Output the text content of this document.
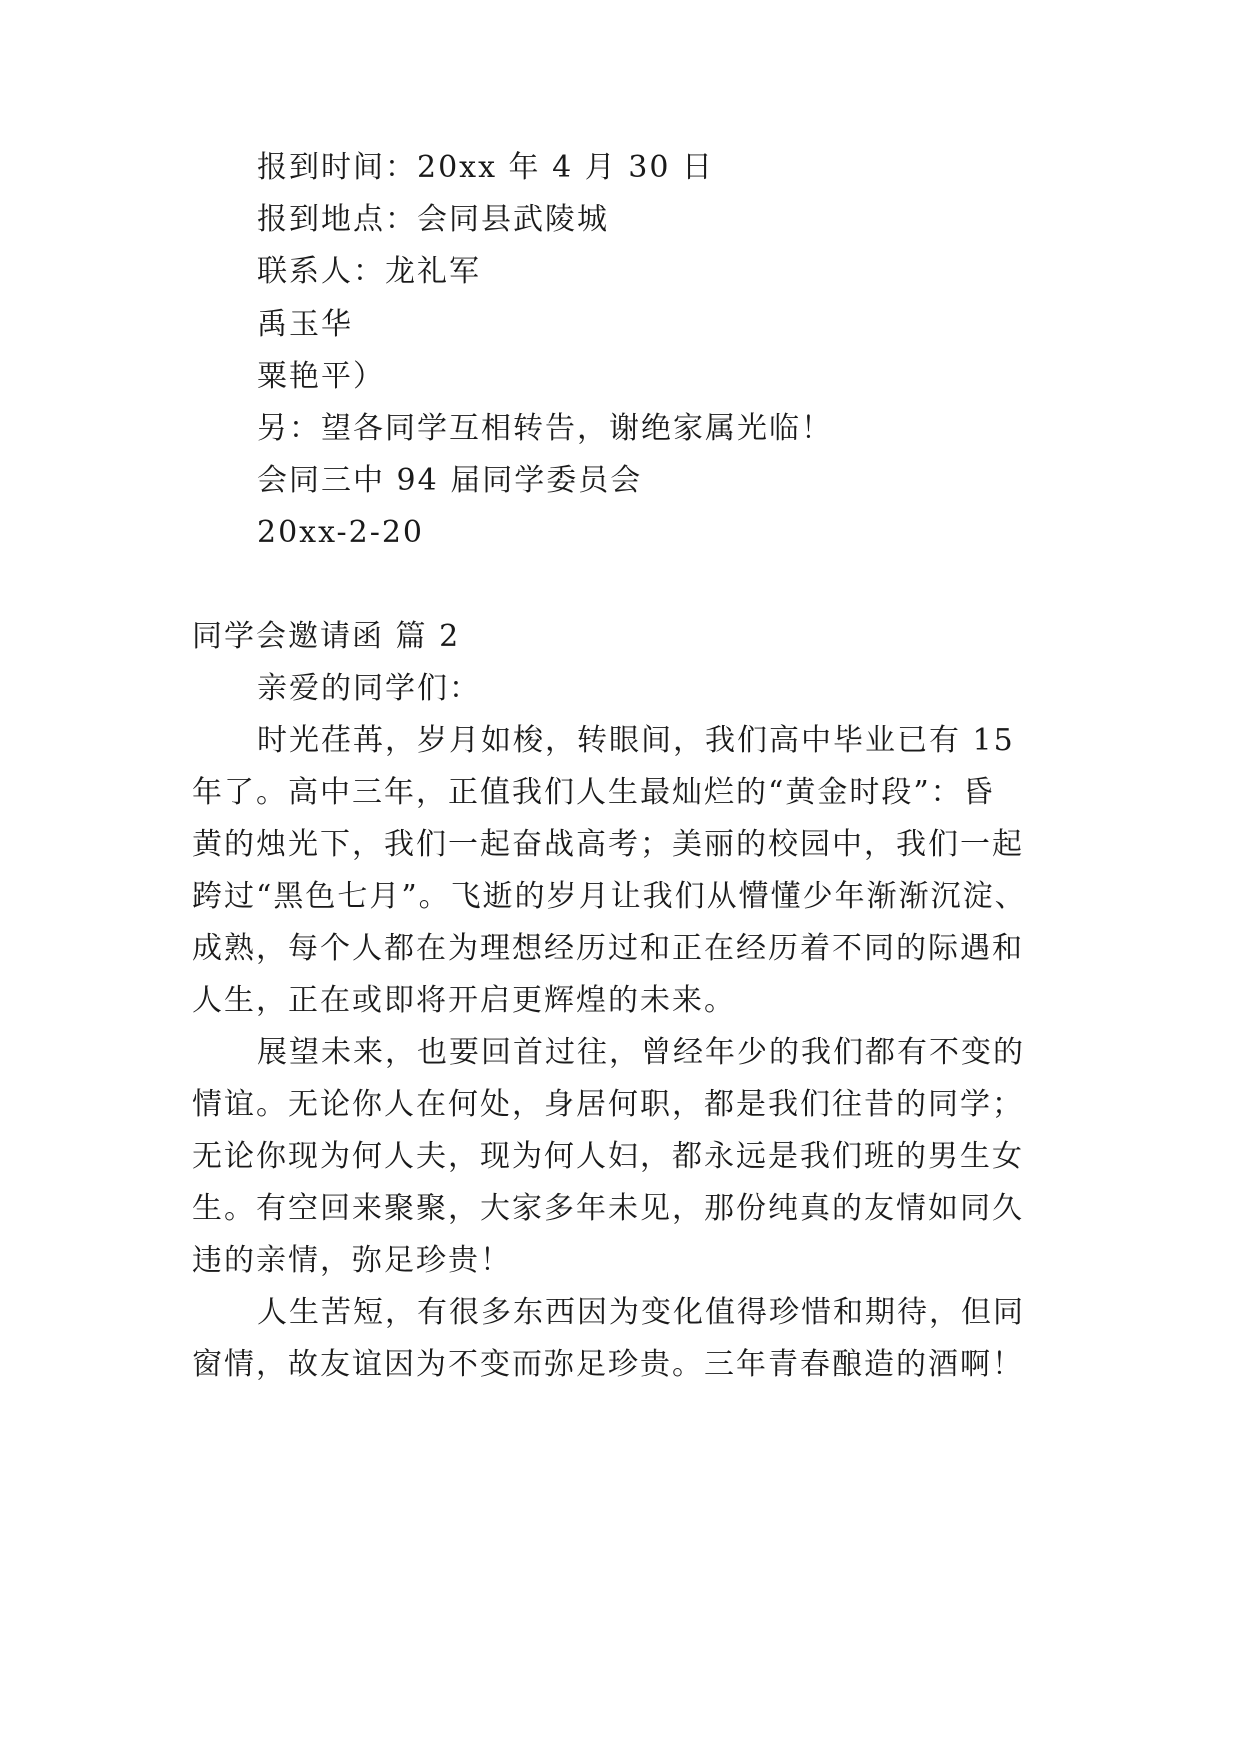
报到时间：20xx 年 4 月 30 日
报到地点：会同县武陵城
联系人：龙礼军
禹玉华
粟艳平）
另：望各同学互相转告，谢绝家属光临！
会同三中 94 届同学委员会
20xx-2-20
同学会邀请函 篇 2
亲爱的同学们：
时光荏苒，岁月如梭，转眼间，我们高中毕业已有 15
年了。高中三年，正值我们人生最灿烂的“黄金时段”：昏
黄的烛光下，我们一起奋战高考；美丽的校园中，我们一起
跨过“黑色七月”。飞逝的岁月让我们从懵懂少年渐渐沉淀、
成熟，每个人都在为理想经历过和正在经历着不同的际遇和
人生，正在或即将开启更辉煌的未来。
展望未来，也要回首过往，曾经年少的我们都有不变的
情谊。无论你人在何处，身居何职，都是我们往昔的同学；
无论你现为何人夫，现为何人妇，都永远是我们班的男生女
生。有空回来聚聚，大家多年未见，那份纯真的友情如同久
违的亲情，弥足珍贵！
人生苦短，有很多东西因为变化值得珍惜和期待，但同
窗情，故友谊因为不变而弥足珍贵。三年青春酿造的酒啊！
